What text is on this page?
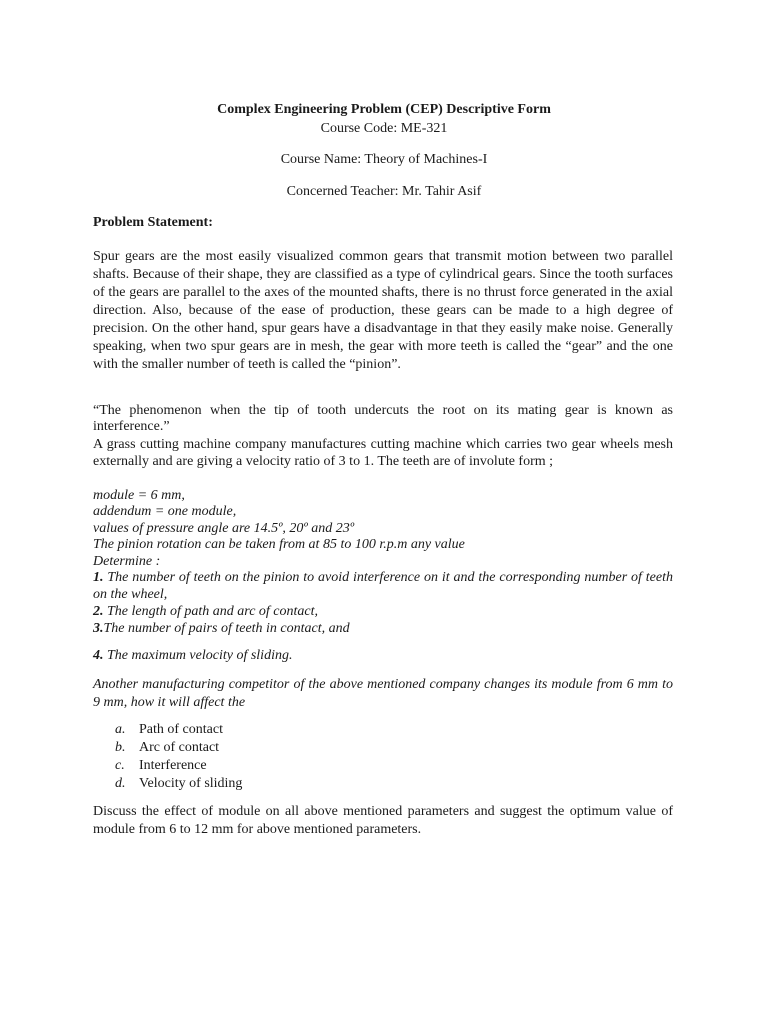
Complex Engineering Problem (CEP) Descriptive Form
Course Code: ME-321
Course Name: Theory of Machines-I
Concerned Teacher: Mr. Tahir Asif
Problem Statement:

Spur gears are the most easily visualized common gears that transmit motion between two parallel shafts. Because of their shape, they are classified as a type of cylindrical gears. Since the tooth surfaces of the gears are parallel to the axes of the mounted shafts, there is no thrust force generated in the axial direction. Also, because of the ease of production, these gears can be made to a high degree of precision. On the other hand, spur gears have a disadvantage in that they easily make noise. Generally speaking, when two spur gears are in mesh, the gear with more teeth is called the “gear” and the one with the smaller number of teeth is called the “pinion”.

“The phenomenon when the tip of tooth undercuts the root on its mating gear is known as interference.”

A grass cutting machine company manufactures cutting machine which carries two gear wheels mesh externally and are giving a velocity ratio of 3 to 1. The teeth are of involute form ;

module = 6 mm,
addendum = one module,
values of pressure angle are 14.5º, 20º and 23º
The pinion rotation can be taken from at 85 to 100 r.p.m any value
Determine :
1. The number of teeth on the pinion to avoid interference on it and the corresponding number of teeth on the wheel,
2. The length of path and arc of contact,
3.The number of pairs of teeth in contact, and
4. The maximum velocity of sliding.

Another manufacturing competitor of the above mentioned company changes its module from 6 mm to 9 mm, how it will affect the

a. Path of contact
b. Arc of contact
c. Interference
d. Velocity of sliding

Discuss the effect of module on all above mentioned parameters and suggest the optimum value of module from 6 to 12 mm for above mentioned parameters.
